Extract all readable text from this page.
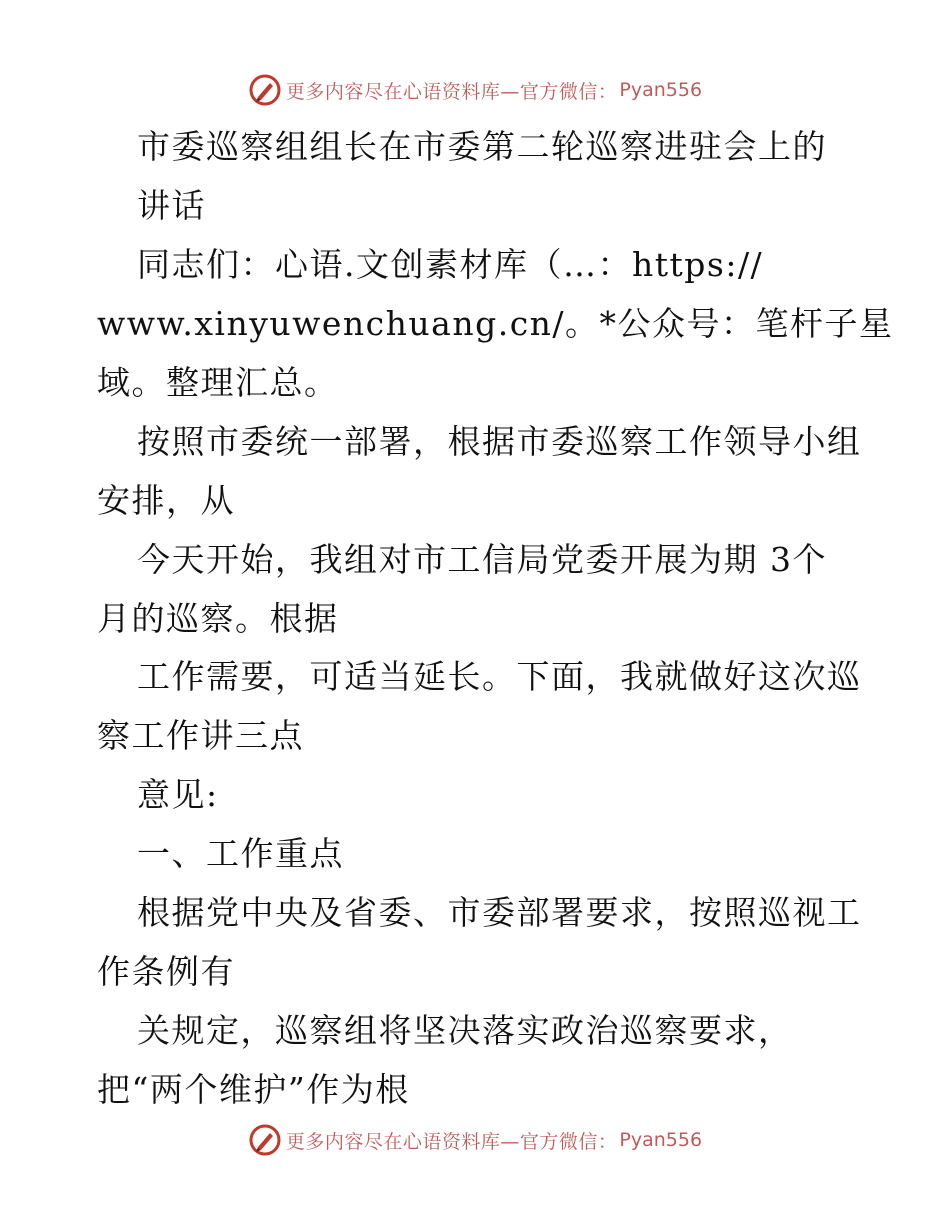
更多内容尽在心语资料库—官方微信： Pyan556
市委巡察组组长在市委第二轮巡察进驻会上的
讲话
同志们：心语.文创素材库（…：https://
www.xinyuwenchuang.cn/。*公众号：笔杆子星
域。整理汇总。
按照市委统一部署，根据市委巡察工作领导小组
安排，从
今天开始，我组对市工信局党委开展为期 3个
月的巡察。根据
工作需要，可适当延长。下面，我就做好这次巡
察工作讲三点
意见:
一、工作重点
根据党中央及省委、市委部署要求，按照巡视工
作条例有
关规定，巡察组将坚决落实政治巡察要求，
把“两个维护”作为根
更多内容尽在心语资料库—官方微信： Pyan556
